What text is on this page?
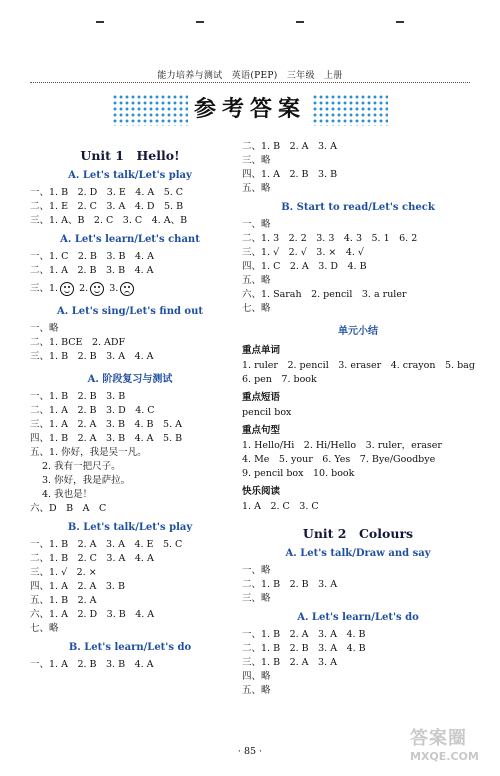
能力培养与测试　英语(PEP)　三年级　上册
参考答案
Unit 1　Hello!
A. Let's talk/Let's play
一、1. B　2. D　3. E　4. A　5. C
二、1. E　2. C　3. A　4. D　5. B
三、1. A、B　2. C　3. C　4. A、B
A. Let's learn/Let's chant
一、1. C　2. B　3. B　4. A
二、1. A　2. B　3. B　4. A
三、1. 2. 3.
A. Let's sing/Let's find out
一、略
二、1. BCE　2. ADF
三、1. B　2. B　3. A　4. A
A. 阶段复习与测试
一、1. B　2. B　3. B
二、1. A　2. B　3. D　4. C
三、1. A　2. A　3. B　4. B　5. A
四、1. B　2. A　3. B　4. A　5. B
五、1. 你好，我是吴一凡。
2. 我有一把尺子。
3. 你好，我是萨拉。
4. 我也是！
六、D　B　A　C
B. Let's talk/Let's play
一、1. B　2. A　3. A　4. E　5. C
二、1. B　2. C　3. A　4. A
三、1. √　2. ×
四、1. A　2. A　3. B
五、1. B　2. A
六、1. A　2. D　3. B　4. A
七、略
B. Let's learn/Let's do
一、1. A　2. B　3. B　4. A
二、1. B　2. A　3. A
三、略
四、1. A　2. B　3. B
五、略
B. Start to read/Let's check
一、略
二、1. 3　2. 2　3. 3　4. 3　5. 1　6. 2
三、1. √　2. √　3. ×　4. √
四、1. C　2. A　3. D　4. B
五、略
六、1. Sarah　2. pencil　3. a ruler
七、略
单元小结
重点单词
1. ruler　2. pencil　3. eraser　4. crayon　5. bag
6. pen　7. book
重点短语
pencil box
重点句型
1. Hello/Hi　2. Hi/Hello　3. ruler，eraser
4. Me　5. your　6. Yes　7. Bye/Goodbye
9. pencil box　10. book
快乐阅读
1. A　2. C　3. C
Unit 2　Colours
A. Let's talk/Draw and say
一、略
二、1. B　2. B　3. A
三、略
A. Let's learn/Let's do
一、1. B　2. A　3. A　4. B
二、1. B　2. B　3. A　4. B
三、1. B　2. A　3. A
四、略
五、略
· 85 ·
答案圈
MXQE.COM
